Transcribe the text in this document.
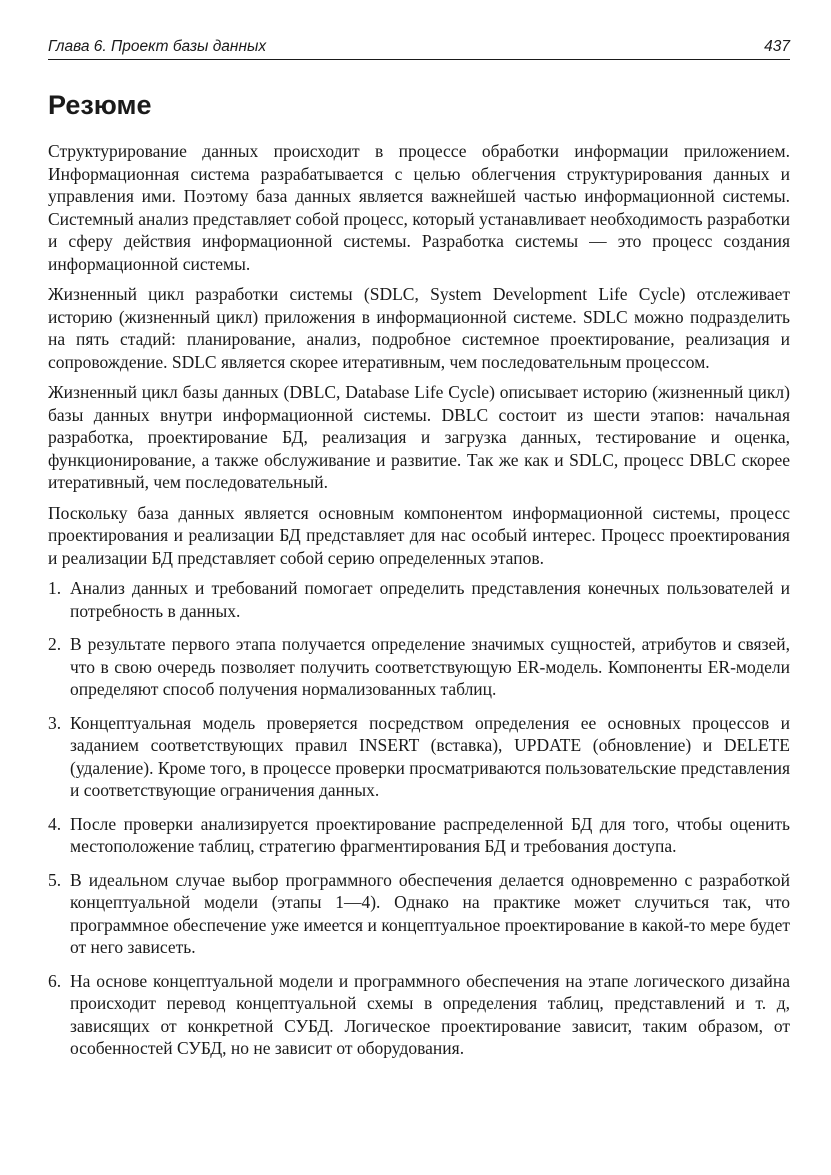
Глава 6. Проект базы данных	437
Резюме

Структурирование данных происходит в процессе обработки информации приложением. Информационная система разрабатывается с целью облегчения структурирования данных и управления ими. Поэтому база данных является важнейшей частью информационной системы. Системный анализ представляет собой процесс, который устанавливает необходимость разработки и сферу действия информационной системы. Разработка системы — это процесс создания информационной системы.

Жизненный цикл разработки системы (SDLC, System Development Life Cycle) отслеживает историю (жизненный цикл) приложения в информационной системе. SDLC можно подразделить на пять стадий: планирование, анализ, подробное системное проектирование, реализация и сопровождение. SDLC является скорее итеративным, чем последовательным процессом.

Жизненный цикл базы данных (DBLC, Database Life Cycle) описывает историю (жизненный цикл) базы данных внутри информационной системы. DBLC состоит из шести этапов: начальная разработка, проектирование БД, реализация и загрузка данных, тестирование и оценка, функционирование, а также обслуживание и развитие. Так же как и SDLC, процесс DBLC скорее итеративный, чем последовательный.

Поскольку база данных является основным компонентом информационной системы, процесс проектирования и реализации БД представляет для нас особый интерес. Процесс проектирования и реализации БД представляет собой серию определенных этапов.

1. Анализ данных и требований помогает определить представления конечных пользователей и потребность в данных.
2. В результате первого этапа получается определение значимых сущностей, атрибутов и связей, что в свою очередь позволяет получить соответствующую ER-модель. Компоненты ER-модели определяют способ получения нормализованных таблиц.
3. Концептуальная модель проверяется посредством определения ее основных процессов и заданием соответствующих правил INSERT (вставка), UPDATE (обновление) и DELETE (удаление). Кроме того, в процессе проверки просматриваются пользовательские представления и соответствующие ограничения данных.
4. После проверки анализируется проектирование распределенной БД для того, чтобы оценить местоположение таблиц, стратегию фрагментирования БД и требования доступа.
5. В идеальном случае выбор программного обеспечения делается одновременно с разработкой концептуальной модели (этапы 1—4). Однако на практике может случиться так, что программное обеспечение уже имеется и концептуальное проектирование в какой-то мере будет от него зависеть.
6. На основе концептуальной модели и программного обеспечения на этапе логического дизайна происходит перевод концептуальной схемы в определения таблиц, представлений и т. д, зависящих от конкретной СУБД. Логическое проектирование зависит, таким образом, от особенностей СУБД, но не зависит от оборудования.
